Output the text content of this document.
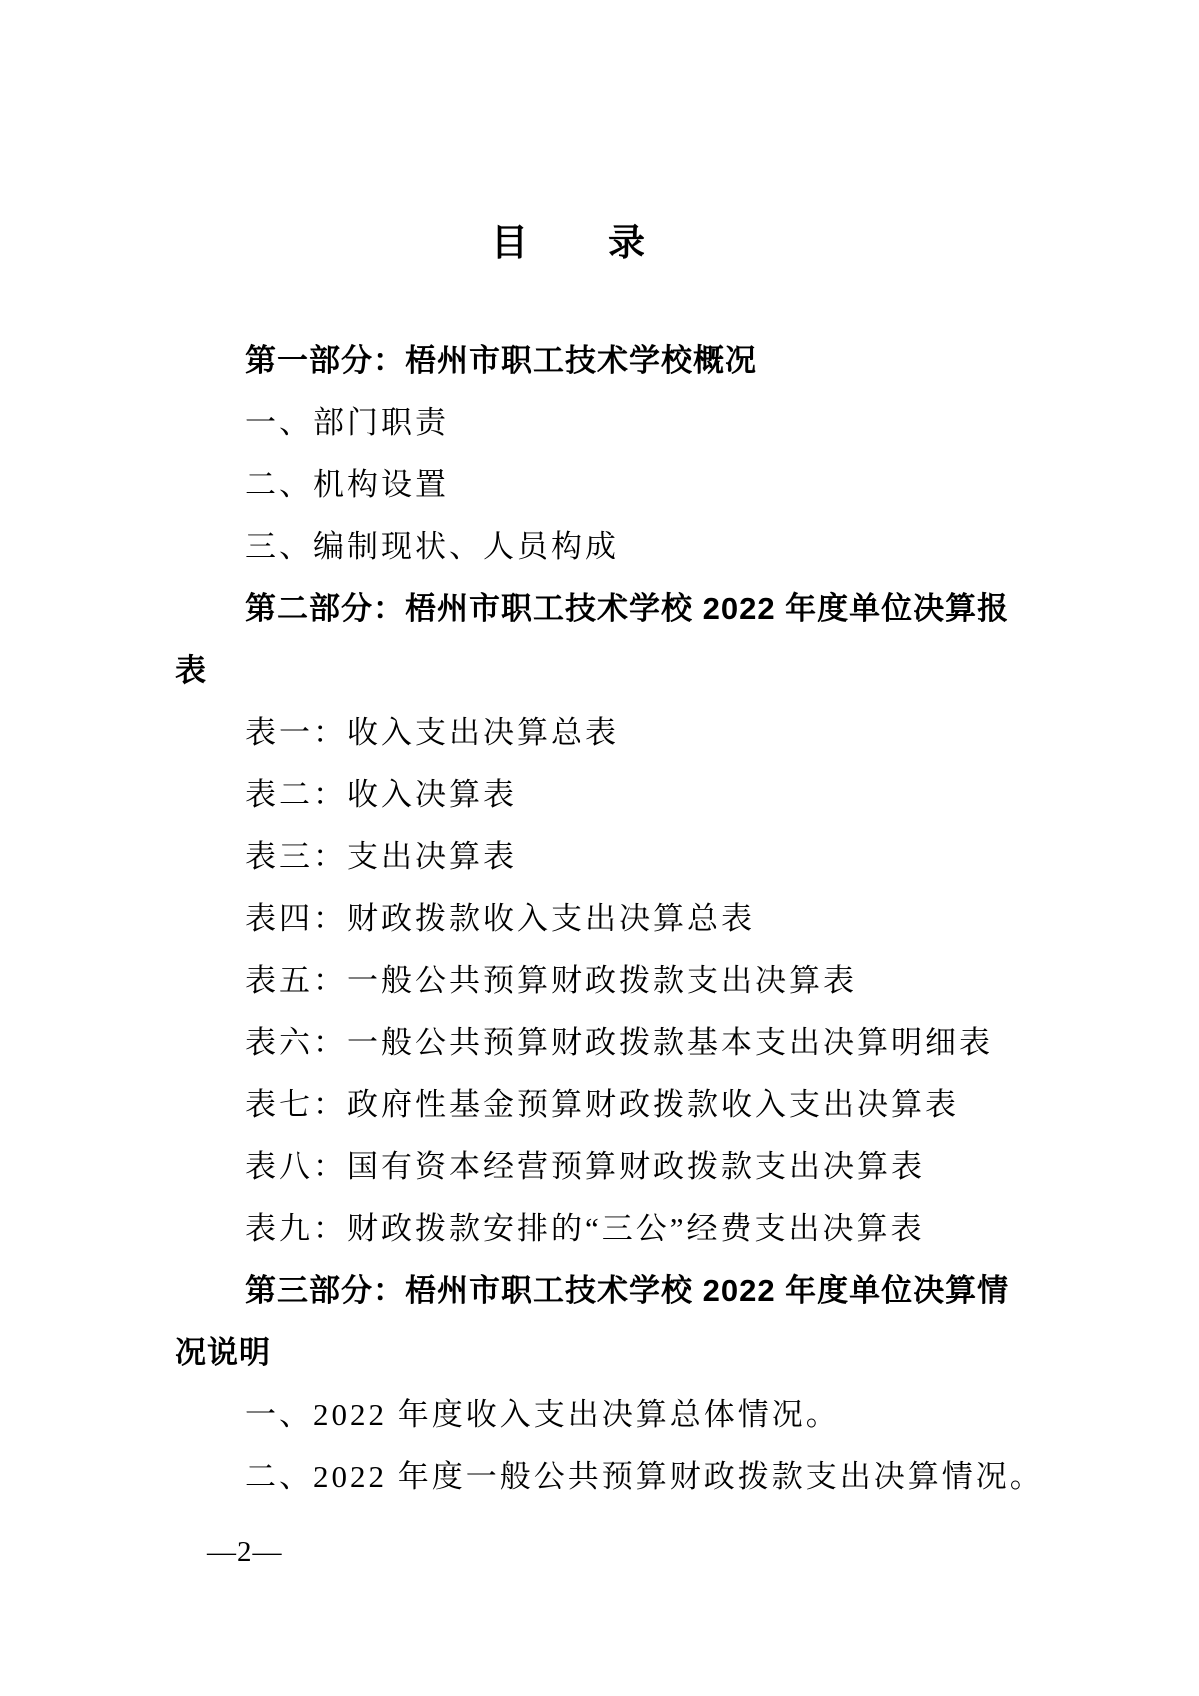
目　　录
第一部分：梧州市职工技术学校概况
一、部门职责
二、机构设置
三、编制现状、人员构成
第二部分：梧州市职工技术学校 2022 年度单位决算报
表
表一：收入支出决算总表
表二：收入决算表
表三：支出决算表
表四：财政拨款收入支出决算总表
表五：一般公共预算财政拨款支出决算表
表六：一般公共预算财政拨款基本支出决算明细表
表七：政府性基金预算财政拨款收入支出决算表
表八：国有资本经营预算财政拨款支出决算表
表九：财政拨款安排的“三公”经费支出决算表
第三部分：梧州市职工技术学校 2022 年度单位决算情
况说明
一、2022 年度收入支出决算总体情况。
二、2022 年度一般公共预算财政拨款支出决算情况。
—2—
